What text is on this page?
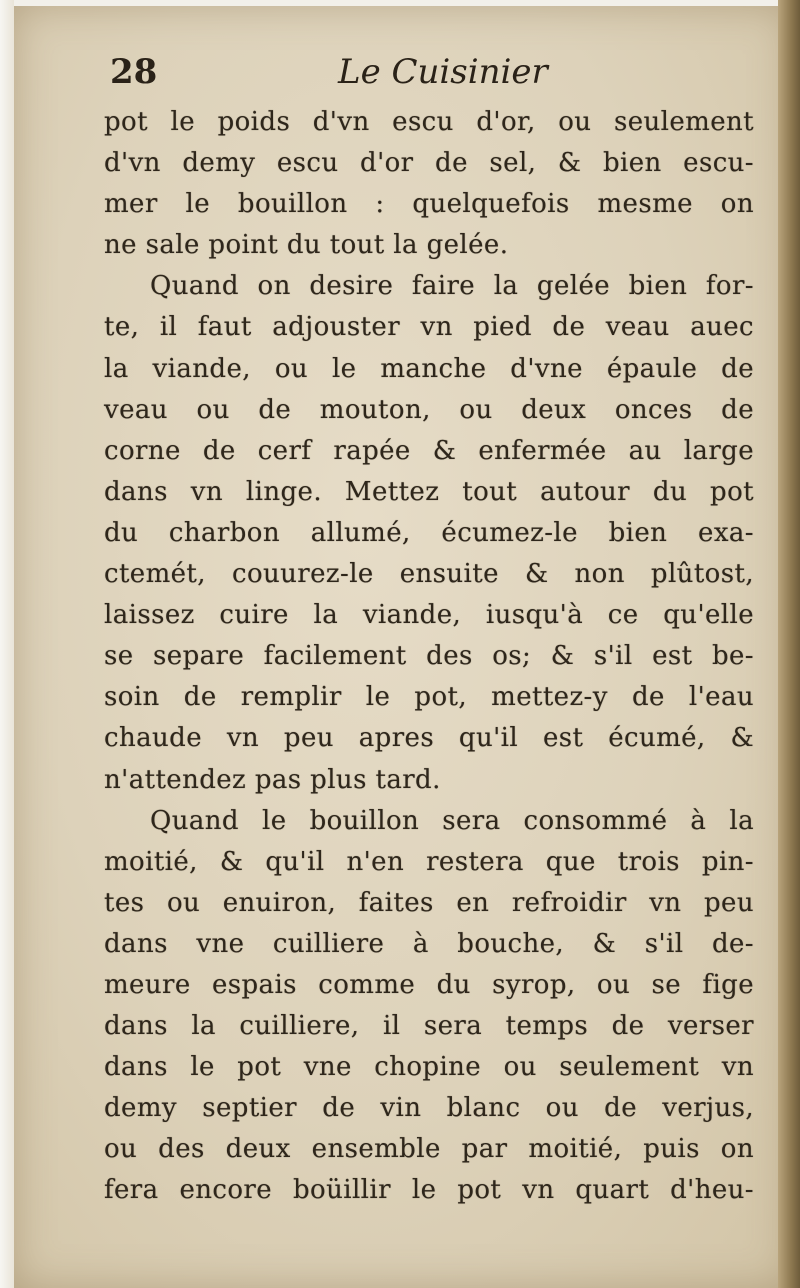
28	Le Cuisinier
pot le poids d'vn escu d'or, ou seulement
d'vn demy escu d'or de sel, & bien escu-
mer le bouillon : quelquefois mesme on
ne sale point du tout la gelée.
Quand on desire faire la gelée bien for-
te, il faut adjouster vn pied de veau auec
la viande, ou le manche d'vne épaule de
veau ou de mouton, ou deux onces de
corne de cerf rapée & enfermée au large
dans vn linge. Mettez tout autour du pot
du charbon allumé, écumez-le bien exa-
ctemét, couurez-le ensuite & non plûtost,
laissez cuire la viande, iusqu'à ce qu'elle
se separe facilement des os; & s'il est be-
soin de remplir le pot, mettez-y de l'eau
chaude vn peu apres qu'il est écumé, &
n'attendez pas plus tard.
Quand le bouillon sera consommé à la
moitié, & qu'il n'en restera que trois pin-
tes ou enuiron, faites en refroidir vn peu
dans vne cuilliere à bouche, & s'il de-
meure espais comme du syrop, ou se fige
dans la cuilliere, il sera temps de verser
dans le pot vne chopine ou seulement vn
demy septier de vin blanc ou de verjus,
ou des deux ensemble par moitié, puis on
fera encore boüillir le pot vn quart d'heu-
